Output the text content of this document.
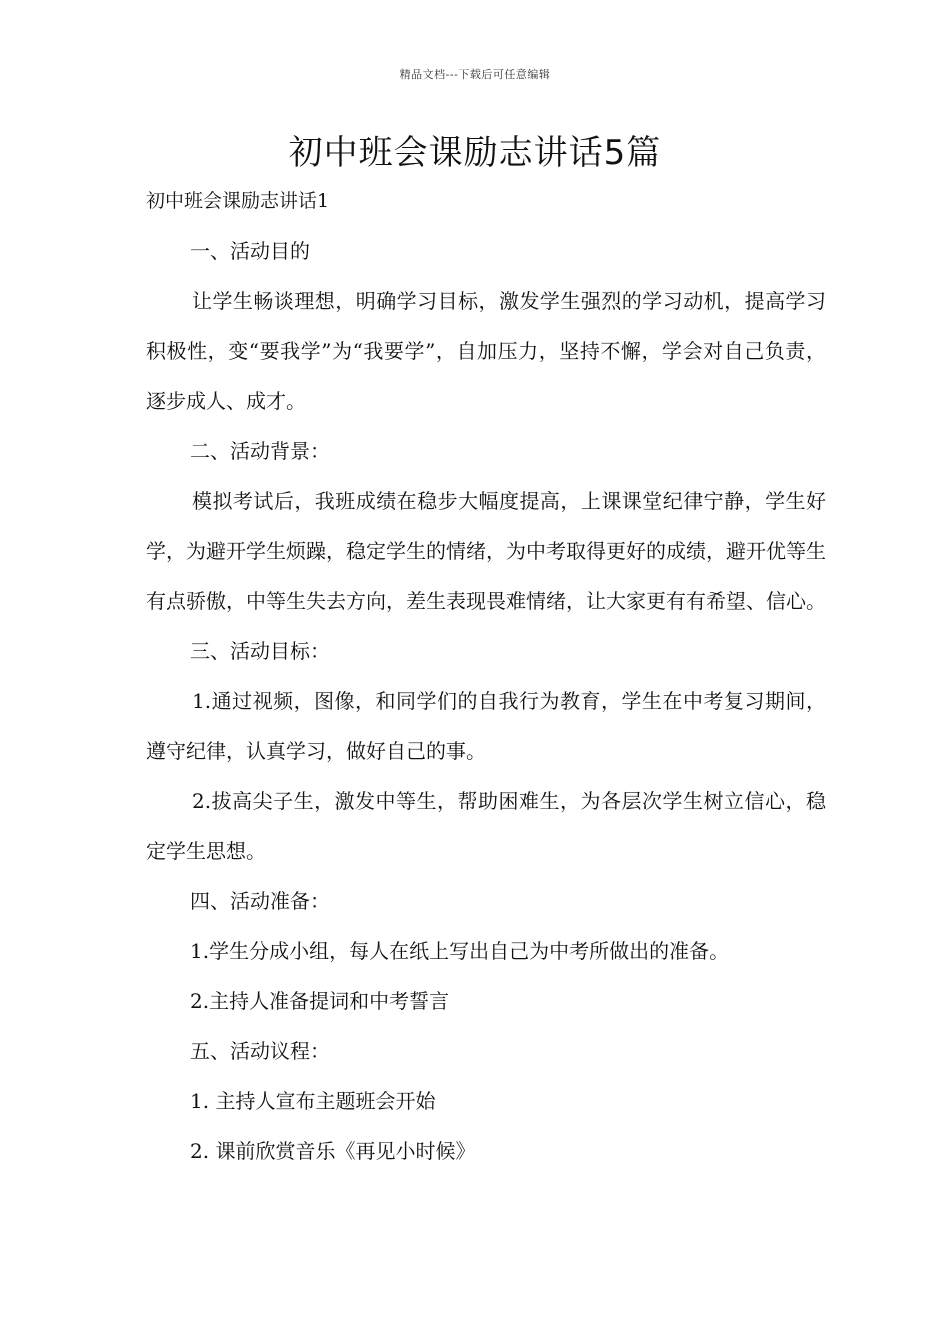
精品文档---下载后可任意编辑
初中班会课励志讲话5篇
初中班会课励志讲话1

一、活动目的

让学生畅谈理想，明确学习目标，激发学生强烈的学习动机，提高学习积极性，变“要我学”为“我要学”，自加压力，坚持不懈，学会对自己负责，逐步成人、成才。

二、活动背景：

模拟考试后，我班成绩在稳步大幅度提高，上课课堂纪律宁静，学生好学，为避开学生烦躁，稳定学生的情绪，为中考取得更好的成绩，避开优等生有点骄傲，中等生失去方向，差生表现畏难情绪，让大家更有有希望、信心。

三、活动目标：

1.通过视频，图像，和同学们的自我行为教育，学生在中考复习期间，遵守纪律，认真学习，做好自己的事。

2.拔高尖子生，激发中等生，帮助困难生，为各层次学生树立信心，稳定学生思想。

四、活动准备：

1.学生分成小组，每人在纸上写出自己为中考所做出的准备。

2.主持人准备提词和中考誓言

五、活动议程：

1. 主持人宣布主题班会开始

2. 课前欣赏音乐《再见小时候》
